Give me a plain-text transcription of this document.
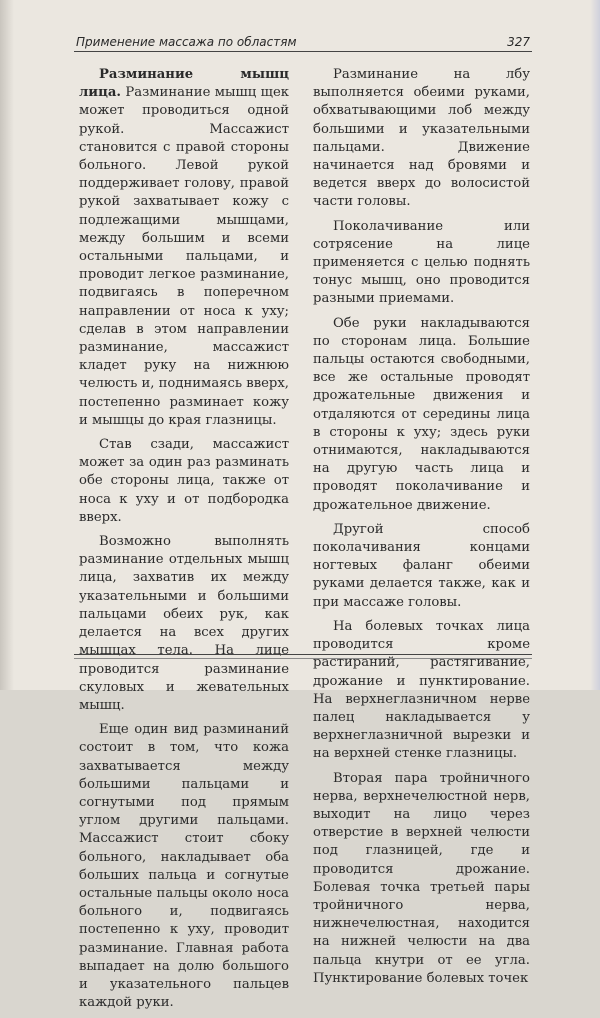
Применение массажа по областям	327

Разминание мышц лица. Разминание мышц щек может проводиться одной рукой. Массажист становится с правой стороны больного. Левой рукой поддерживает голову, правой рукой захватывает кожу с подлежащими мышцами, между большим и всеми остальными пальцами, и проводит легкое разминание, подвигаясь в поперечном направлении от носа к уху; сделав в этом направлении разминание, массажист кладет руку на нижнюю челюсть и, поднимаясь вверх, постепенно разминает кожу и мышцы до края глазницы.

Став сзади, массажист может за один раз разминать обе стороны лица, также от носа к уху и от подбородка вверх.

Возможно выполнять разминание отдельных мышц лица, захватив их между указательными и большими пальцами обеих рук, как делается на всех других мышцах тела. На лице проводится разминание скуловых и жевательных мышц.

Еще один вид разминаний состоит в том, что кожа захватывается между большими пальцами и согнутыми под прямым углом другими пальцами. Массажист стоит сбоку больного, накладывает оба больших пальца и согнутые остальные пальцы около носа больного и, подвигаясь постепенно к уху, проводит разминание. Главная работа выпадает на долю большого и указательного пальцев каждой руки.

Разминание на лбу выполняется обеими руками, обхватывающими лоб между большими и указательными пальцами. Движение начинается над бровями и ведется вверх до волосистой части головы.

Поколачивание или сотрясение на лице применяется с целью поднять тонус мышц, оно проводится разными приемами.

Обе руки накладываются по сторонам лица. Большие пальцы остаются свободными, все же остальные проводят дрожательные движения и отдаляются от середины лица в стороны к уху; здесь руки отнимаются, накладываются на другую часть лица и проводят поколачивание и дрожательное движение.

Другой способ поколачивания концами ногтевых фаланг обеими руками делается также, как и при массаже головы.

На болевых точках лица проводится кроме растираний, растягивание, дрожание и пунктирование. На верхнеглазничном нерве палец накладывается у верхнеглазничной вырезки и на верхней стенке глазницы.

Вторая пара тройничного нерва, верхнечелюстной нерв, выходит на лицо через отверстие в верхней челюсти под глазницей, где и проводится дрожание. Болевая точка третьей пары тройничного нерва, нижнечелюстная, находится на нижней челюсти на два пальца кнутри от ее угла. Пунктирование болевых точек
